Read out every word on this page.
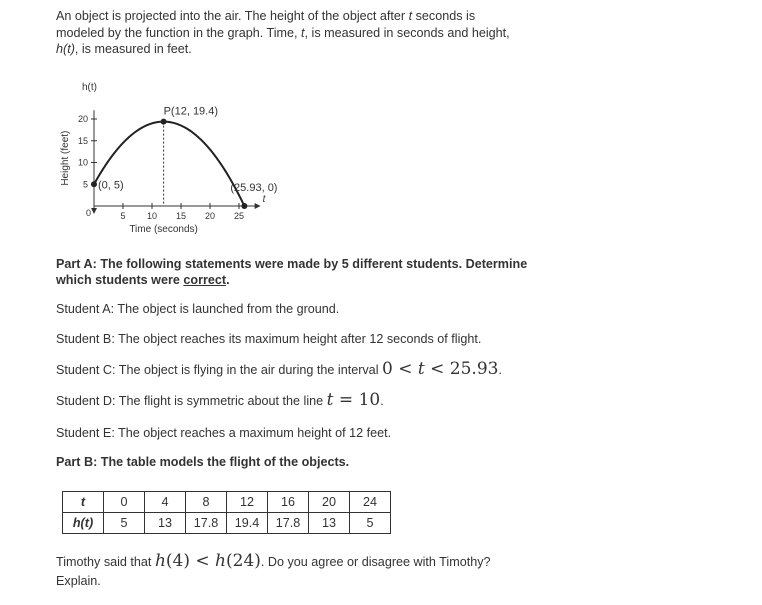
An object is projected into the air. The height of the object after t seconds is modeled by the function in the graph. Time, t, is measured in seconds and height, h(t), is measured in feet.
5 10 15 20 25
5
10
15
20
0
t
h(t)
Time (seconds)
Height (feet) (0, 5)
P(12, 19.4)
(25.93, 0)
Part A: The following statements were made by 5 different students. Determine which students were correct.
Student A: The object is launched from the ground.
Student B: The object reaches its maximum height after 12 seconds of flight.
Student C: The object is flying in the air during the interval 0 < t < 25.93.
Student D: The flight is symmetric about the line t = 10.
Student E: The object reaches a maximum height of 12 feet.
Part B: The table models the flight of the objects.
t	0	4	8	12	16	20	24
h(t)	5	13	17.8	19.4	17.8	13	5
Timothy said that h(4) < h(24). Do you agree or disagree with Timothy? Explain.
